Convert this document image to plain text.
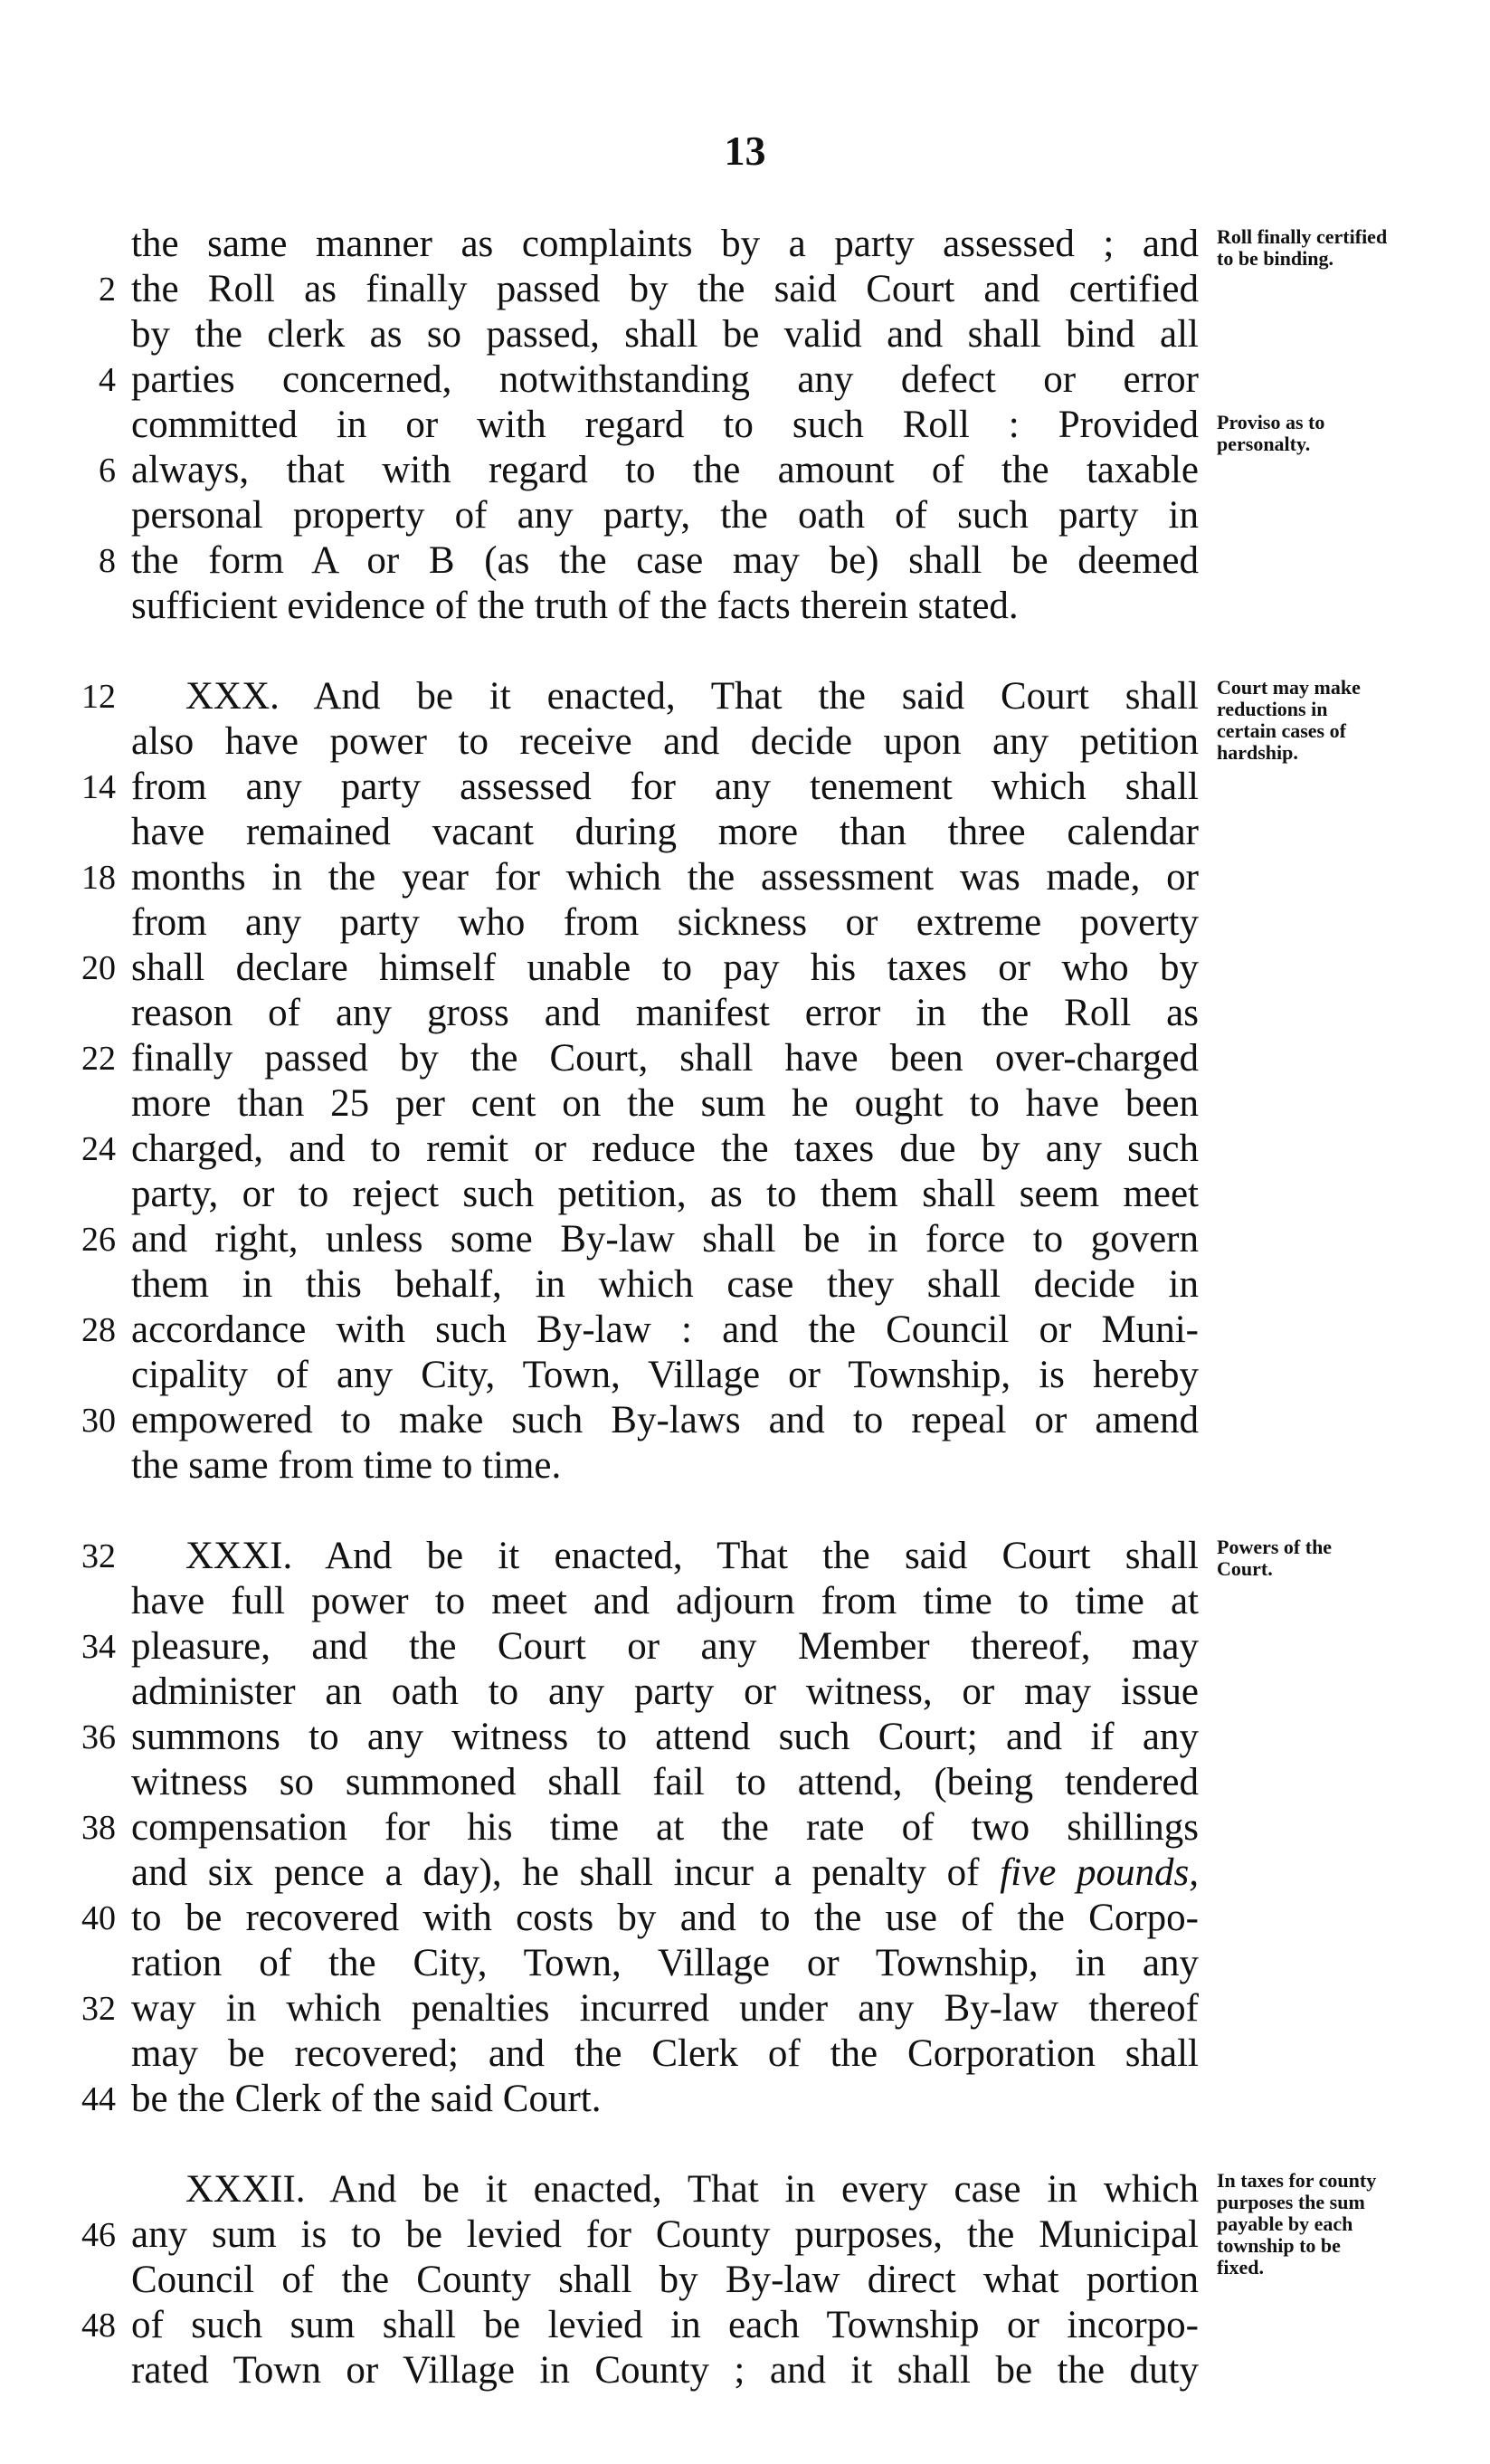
13
the same manner as complaints by a party assessed ; and
2 the Roll as finally passed by the said Court and certified
by the clerk as so passed, shall be valid and shall bind all
4 parties concerned, notwithstanding any defect or error
committed in or with regard to such Roll : Provided
6 always, that with regard to the amount of the taxable
personal property of any party, the oath of such party in
8 the form A or B (as the case may be) shall be deemed
sufficient evidence of the truth of the facts therein stated.
Roll finally certified to be binding.
Proviso as to personalty.
12	XXX. And be it enacted, That the said Court shall
also have power to receive and decide upon any petition
14 from any party assessed for any tenement which shall
have remained vacant during more than three calendar
18 months in the year for which the assessment was made, or
from any party who from sickness or extreme poverty
20 shall declare himself unable to pay his taxes or who by
reason of any gross and manifest error in the Roll as
22 finally passed by the Court, shall have been over-charged
more than 25 per cent on the sum he ought to have been
24 charged, and to remit or reduce the taxes due by any such
party, or to reject such petition, as to them shall seem meet
26 and right, unless some By-law shall be in force to govern
them in this behalf, in which case they shall decide in
28 accordance with such By-law : and the Council or Muni-
cipality of any City, Town, Village or Township, is hereby
30 empowered to make such By-laws and to repeal or amend
the same from time to time.
Court may make reductions in certain cases of hardship.
32	XXXI. And be it enacted, That the said Court shall
have full power to meet and adjourn from time to time at
34 pleasure, and the Court or any Member thereof, may
administer an oath to any party or witness, or may issue
36 summons to any witness to attend such Court; and if any
witness so summoned shall fail to attend, (being tendered
38 compensation for his time at the rate of two shillings
and six pence a day), he shall incur a penalty of five pounds,
40 to be recovered with costs by and to the use of the Corpo-
ration of the City, Town, Village or Township, in any
32 way in which penalties incurred under any By-law thereof
may be recovered; and the Clerk of the Corporation shall
44 be the Clerk of the said Court.
Powers of the Court.
XXXII. And be it enacted, That in every case in which
46 any sum is to be levied for County purposes, the Municipal
Council of the County shall by By-law direct what portion
48 of such sum shall be levied in each Township or incorpo-
rated Town or Village in County ; and it shall be the duty
In taxes for county purposes the sum payable by each township to be fixed.
